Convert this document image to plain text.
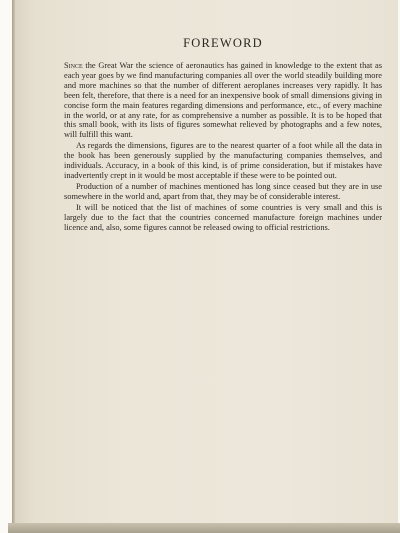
FOREWORD

Since the Great War the science of aeronautics has gained in knowledge to the extent that as each year goes by we find manufacturing companies all over the world steadily building more and more machines so that the number of different aeroplanes increases very rapidly. It has been felt, therefore, that there is a need for an inexpensive book of small dimensions giving in concise form the main features regarding dimensions and performance, etc., of every machine in the world, or at any rate, for as comprehensive a number as possible. It is to be hoped that this small book, with its lists of figures somewhat relieved by photographs and a few notes, will fulfill this want.

As regards the dimensions, figures are to the nearest quarter of a foot while all the data in the book has been generously supplied by the manufacturing companies themselves, and individuals. Accuracy, in a book of this kind, is of prime consideration, but if mistakes have inadvertently crept in it would be most acceptable if these were to be pointed out.

Production of a number of machines mentioned has long since ceased but they are in use somewhere in the world and, apart from that, they may be of considerable interest.

It will be noticed that the list of machines of some countries is very small and this is largely due to the fact that the countries concerned manufacture foreign machines under licence and, also, some figures cannot be released owing to official restrictions.
